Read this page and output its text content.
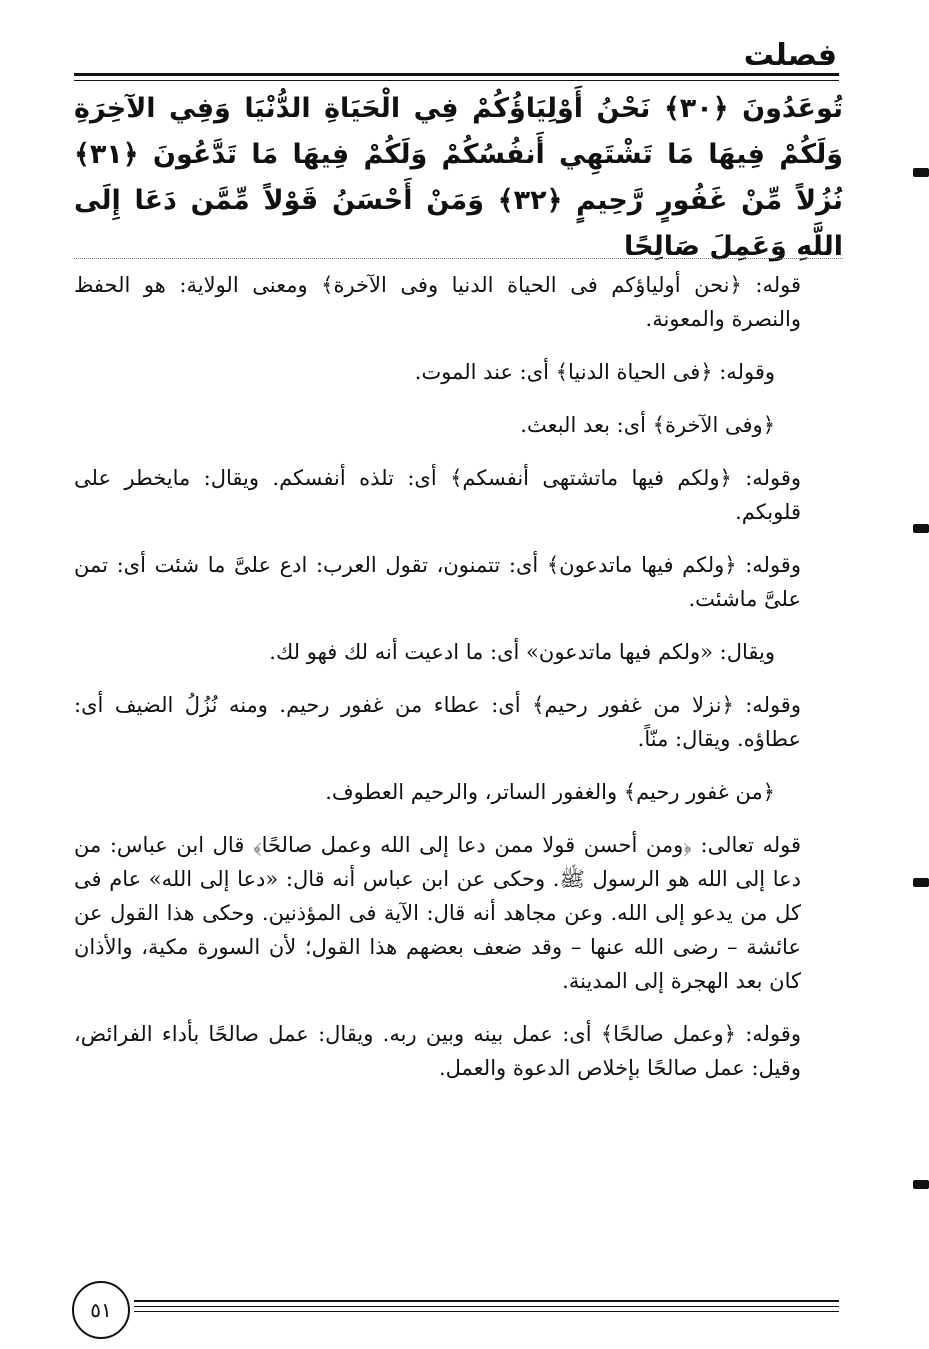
فصلت
تُوعَدُونَ ﴿٣٠﴾ نَحْنُ أَوْلِيَاؤُكُمْ فِي الْحَيَاةِ الدُّنْيَا وَفِي الآخِرَةِ وَلَكُمْ فِيهَا مَا تَشْتَهِي أَنفُسُكُمْ وَلَكُمْ فِيهَا مَا تَدَّعُونَ ﴿٣١﴾ نُزُلاً مِّنْ غَفُورٍ رَّحِيمٍ ﴿٣٢﴾ وَمَنْ أَحْسَنُ قَوْلاً مِّمَّن دَعَا إِلَى اللَّهِ وَعَمِلَ صَالِحًا

قوله: ﴿نحن أولياؤكم فى الحياة الدنيا وفى الآخرة﴾ ومعنى الولاية: هو الحفظ والنصرة والمعونة.

وقوله: ﴿فى الحياة الدنيا﴾ أى: عند الموت.

﴿وفى الآخرة﴾ أى: بعد البعث.

وقوله: ﴿ولكم فيها ماتشتهى أنفسكم﴾ أى: تلذه أنفسكم. ويقال: مايخطر على قلوبكم.

وقوله: ﴿ولكم فيها ماتدعون﴾ أى: تتمنون، تقول العرب: ادع علىَّ ما شئت أى: تمن علىَّ ماشئت.

ويقال: «ولكم فيها ماتدعون» أى: ما ادعيت أنه لك فهو لك.

وقوله: ﴿نزلا من غفور رحيم﴾ أى: عطاء من غفور رحيم. ومنه نُزُلُ الضيف أى: عطاؤه. ويقال: منّاً.

﴿من غفور رحيم﴾ والغفور الساتر، والرحيم العطوف.

قوله تعالى: ﴿ومن أحسن قولا ممن دعا إلى الله وعمل صالحًا﴾ قال ابن عباس: من دعا إلى الله هو الرسول ﷺ. وحكى عن ابن عباس أنه قال: «دعا إلى الله» عام فى كل من يدعو إلى الله. وعن مجاهد أنه قال: الآية فى المؤذنين. وحكى هذا القول عن عائشة – رضى الله عنها – وقد ضعف بعضهم هذا القول؛ لأن السورة مكية، والأذان كان بعد الهجرة إلى المدينة.

وقوله: ﴿وعمل صالحًا﴾ أى: عمل بينه وبين ربه. ويقال: عمل صالحًا بأداء الفرائض، وقيل: عمل صالحًا بإخلاص الدعوة والعمل.

٥١
